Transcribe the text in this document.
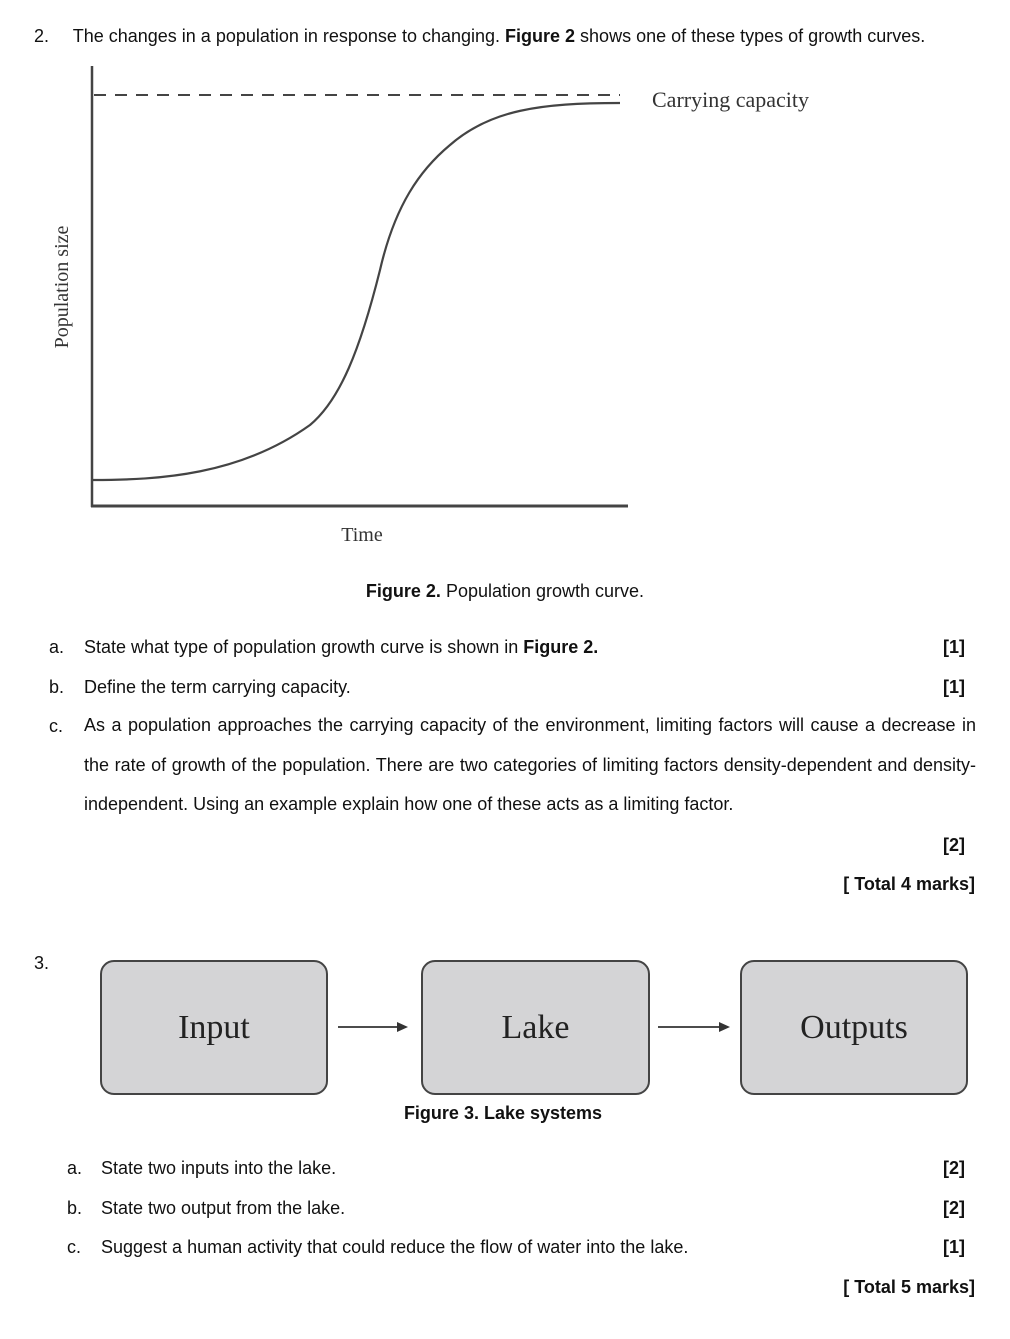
2. The changes in a population in response to changing. Figure 2 shows one of these types of growth curves.
Carrying capacity
Population size
Time
Figure 2. Population growth curve.
a. State what type of population growth curve is shown in Figure 2.	[1]
b. Define the term carrying capacity.	[1]
c. As a population approaches the carrying capacity of the environment, limiting factors will cause a decrease in the rate of growth of the population. There are two categories of limiting factors density-dependent and density-independent. Using an example explain how one of these acts as a limiting factor.
[2]
[ Total 4 marks]
3.
Input	Lake	Outputs
Figure 3. Lake systems
a. State two inputs into the lake.	[2]
b. State two output from the lake.	[2]
c. Suggest a human activity that could reduce the flow of water into the lake.	[1]
[ Total 5 marks]
